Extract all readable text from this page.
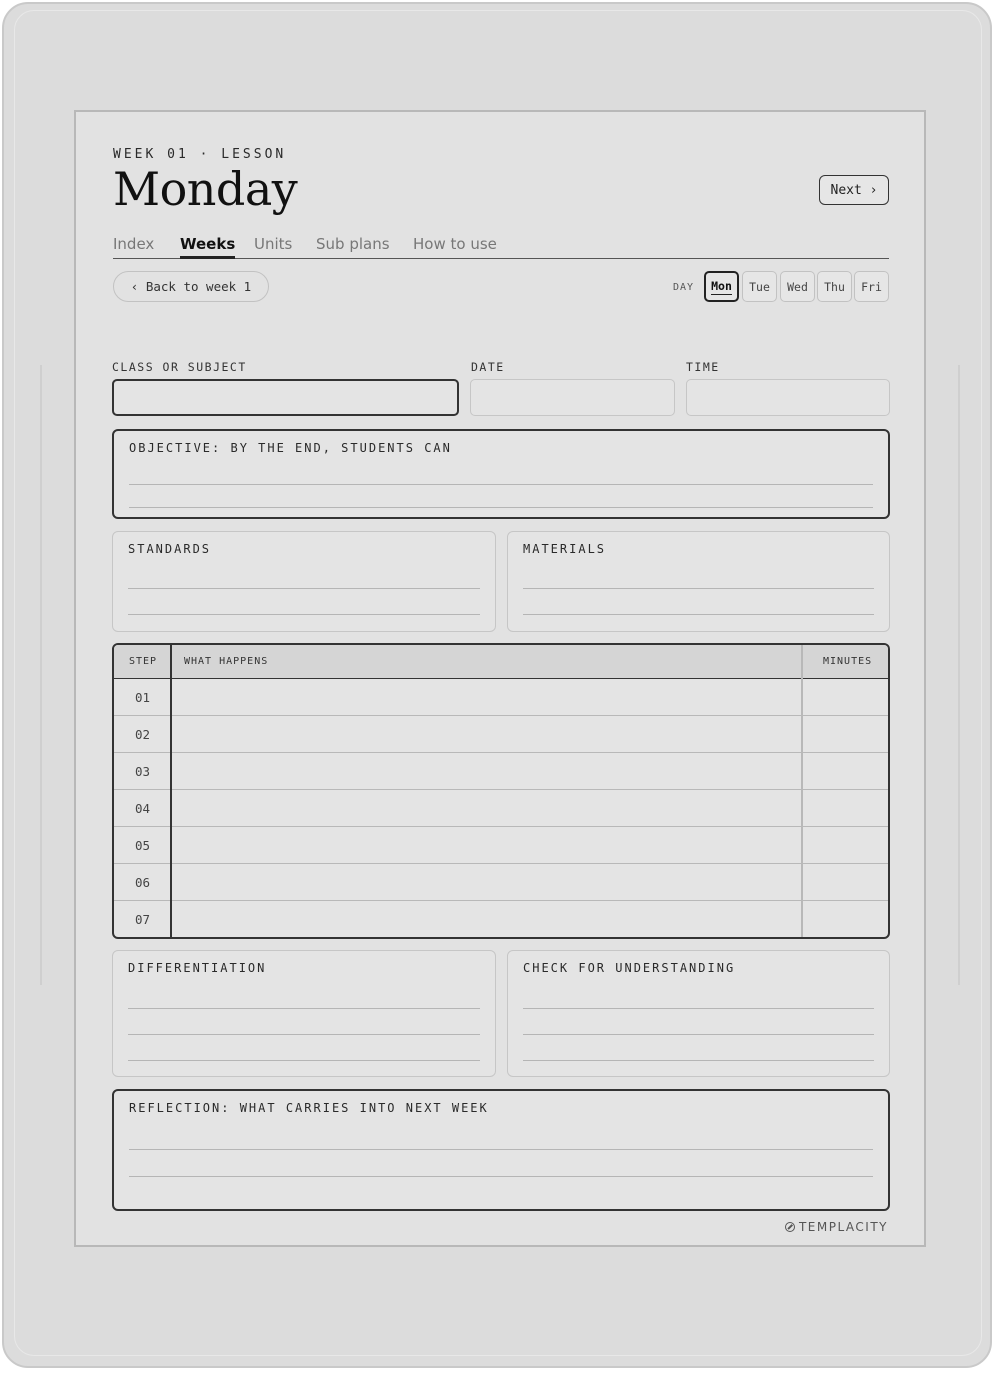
WEEK 01 · LESSON
Monday	Next ›
Index Weeks Units Sub plans How to use
‹ Back to week 1	DAY Mon	Tue	Wed	Thu	Fri
CLASS OR SUBJECT	DATE	TIME
OBJECTIVE: BY THE END, STUDENTS CAN
STANDARDS	MATERIALS
STEP	WHAT HAPPENS	MINUTES
01
02
03
04
05
06
07
DIFFERENTIATION	CHECK FOR UNDERSTANDING
REFLECTION: WHAT CARRIES INTO NEXT WEEK
TEMPLACITY
